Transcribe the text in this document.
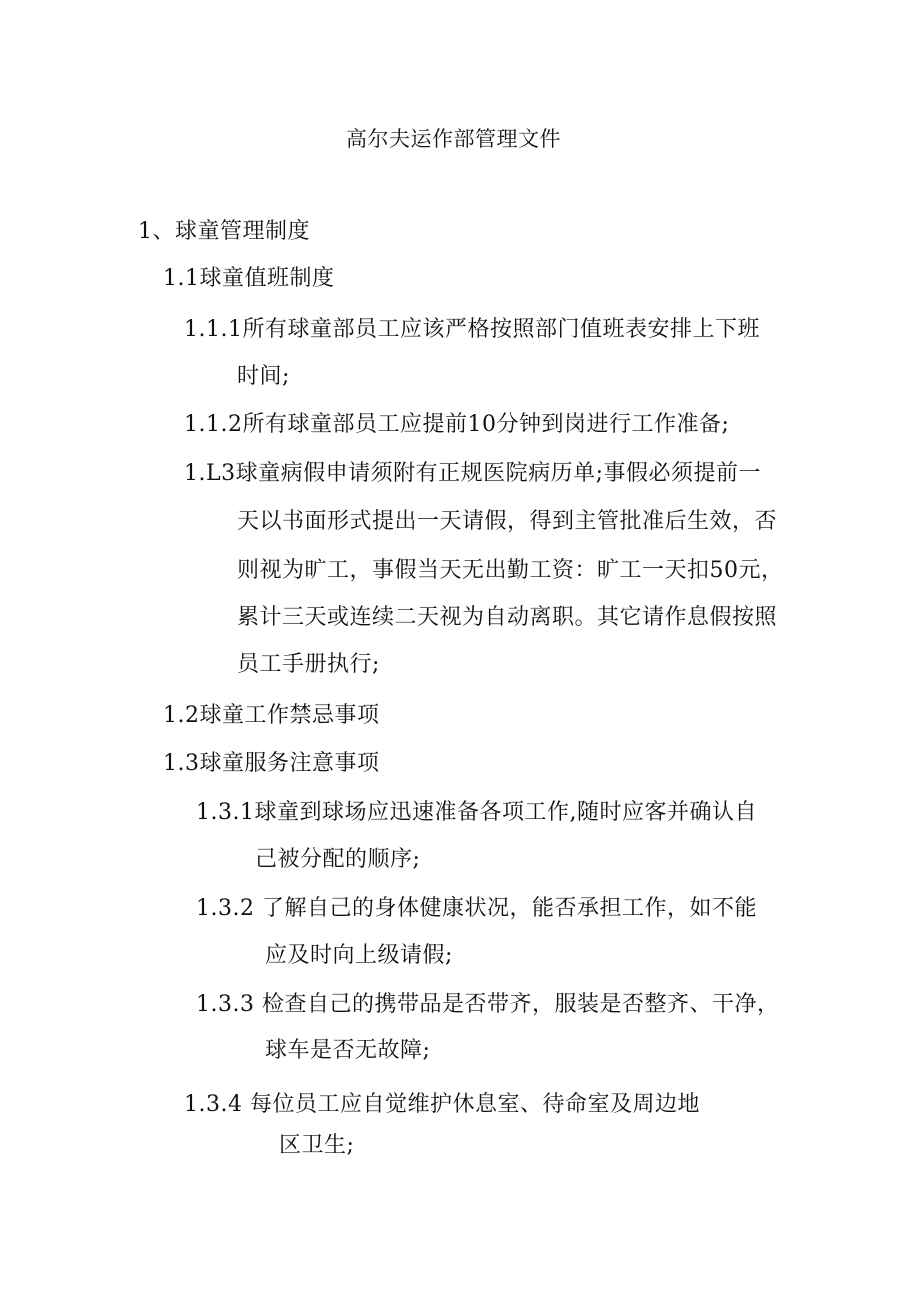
高尔夫运作部管理文件
1、球童管理制度
1.1球童值班制度
1.1.1所有球童部员工应该严格按照部门值班表安排上下班
时间;
1.1.2所有球童部员工应提前10分钟到岗进行工作准备;
1.L3球童病假申请须附有正规医院病历单;事假必须提前一
天以书面形式提出一天请假，得到主管批准后生效，否
则视为旷工，事假当天无出勤工资：旷工一天扣50元，
累计三天或连续二天视为自动离职。其它请作息假按照
员工手册执行;
1.2球童工作禁忌事项
1.3球童服务注意事项
1.3.1球童到球场应迅速准备各项工作,随时应客并确认自
己被分配的顺序;
1.3.2 了解自己的身体健康状况，能否承担工作，如不能
应及时向上级请假;
1.3.3 检查自己的携带品是否带齐，服装是否整齐、干净，
球车是否无故障;
1.3.4 每位员工应自觉维护休息室、待命室及周边地
区卫生;
